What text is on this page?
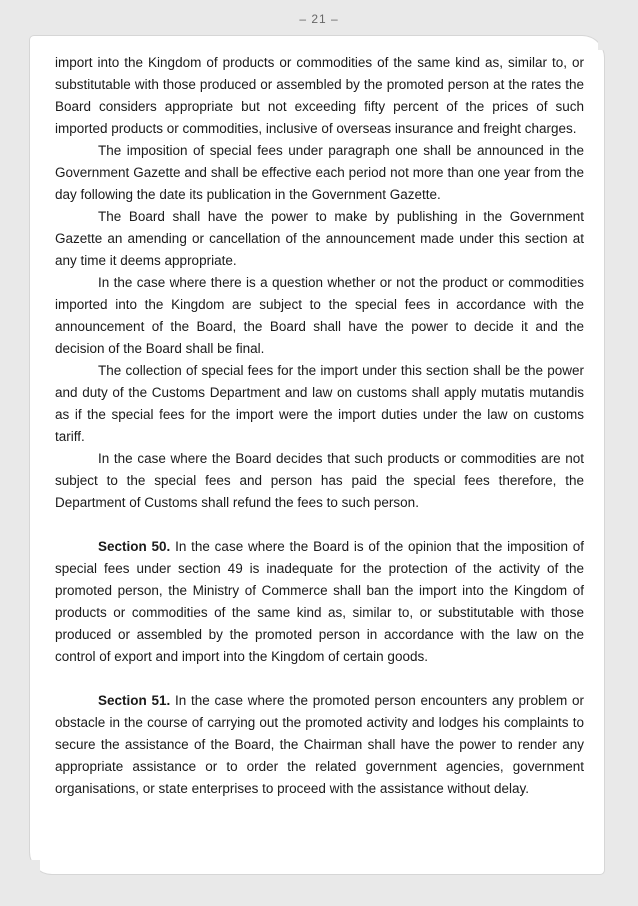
– 21 –

import into the Kingdom of products or commodities of the same kind as, similar to, or substitutable with those produced or assembled by the promoted person at the rates the Board considers appropriate but not exceeding fifty percent of the prices of such imported products or commodities, inclusive of overseas insurance and freight charges.

The imposition of special fees under paragraph one shall be announced in the Government Gazette and shall be effective each period not more than one year from the day following the date its publication in the Government Gazette.

The Board shall have the power to make by publishing in the Government Gazette an amending or cancellation of the announcement made under this section at any time it deems appropriate.

In the case where there is a question whether or not the product or commodities imported into the Kingdom are subject to the special fees in accordance with the announcement of the Board, the Board shall have the power to decide it and the decision of the Board shall be final.

The collection of special fees for the import under this section shall be the power and duty of the Customs Department and law on customs shall apply mutatis mutandis as if the special fees for the import were the import duties under the law on customs tariff.

In the case where the Board decides that such products or commodities are not subject to the special fees and person has paid the special fees therefore, the Department of Customs shall refund the fees to such person.

Section 50. In the case where the Board is of the opinion that the imposition of special fees under section 49 is inadequate for the protection of the activity of the promoted person, the Ministry of Commerce shall ban the import into the Kingdom of products or commodities of the same kind as, similar to, or substitutable with those produced or assembled by the promoted person in accordance with the law on the control of export and import into the Kingdom of certain goods.

Section 51. In the case where the promoted person encounters any problem or obstacle in the course of carrying out the promoted activity and lodges his complaints to secure the assistance of the Board, the Chairman shall have the power to render any appropriate assistance or to order the related government agencies, government organisations, or state enterprises to proceed with the assistance without delay.
